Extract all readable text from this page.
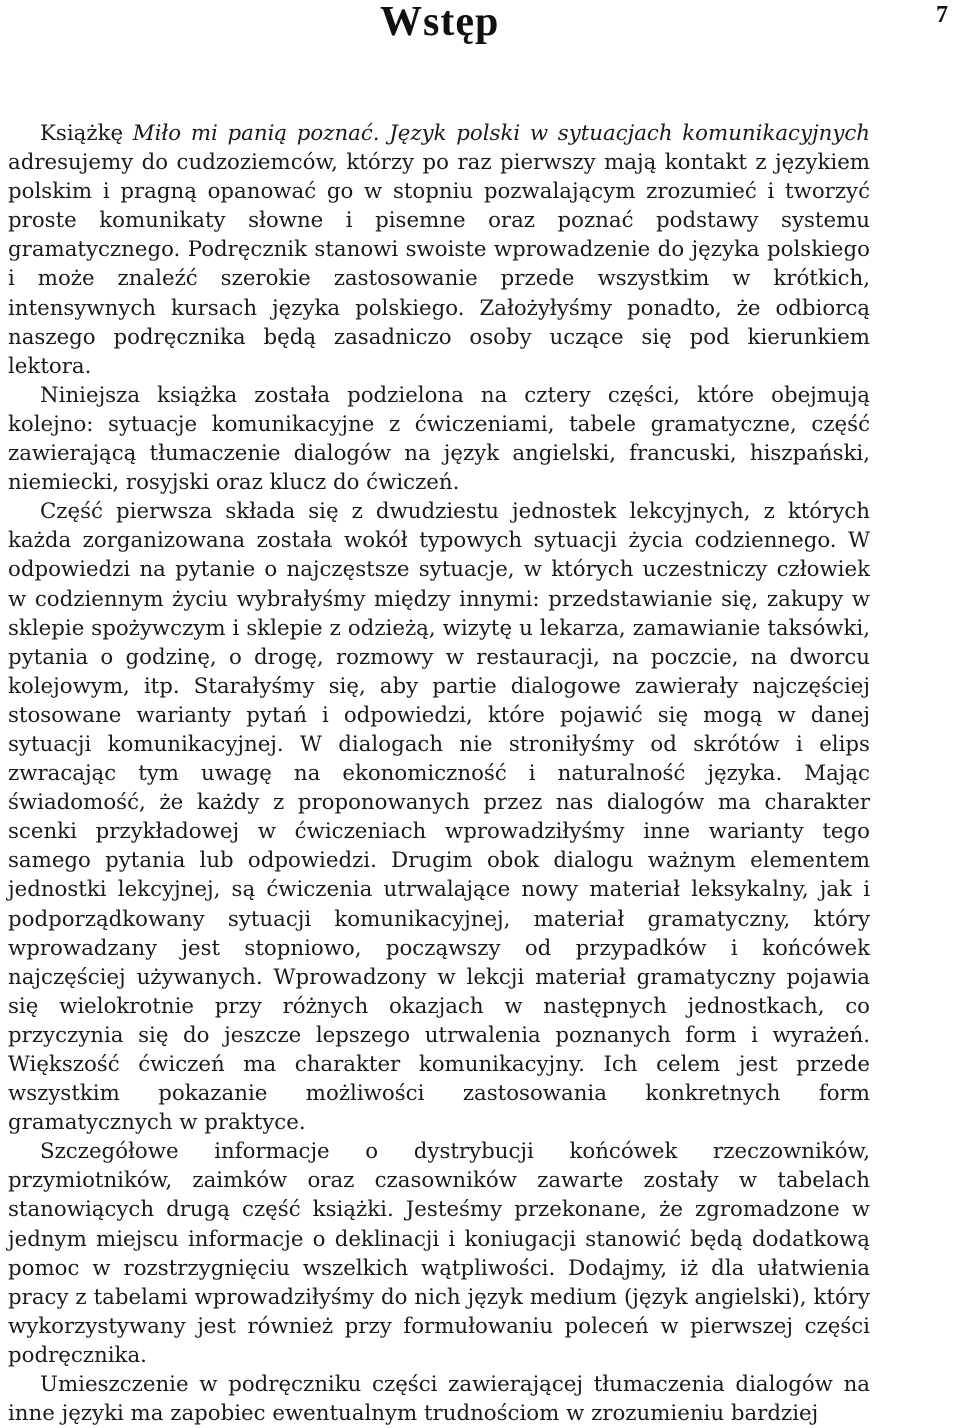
Wstęp	7

Książkę Miło mi panią poznać. Język polski w sytuacjach komunikacyjnych adresujemy do cudzoziemców, którzy po raz pierwszy mają kontakt z językiem polskim i pragną opanować go w stopniu pozwalającym zrozumieć i tworzyć proste komunikaty słowne i pisemne oraz poznać podstawy systemu gramatycznego. Podręcznik stanowi swoiste wprowadzenie do języka polskiego i może znaleźć szerokie zastosowanie przede wszystkim w krótkich, intensywnych kursach języka polskiego. Założyłyśmy ponadto, że odbiorcą naszego podręcznika będą zasadniczo osoby uczące się pod kierunkiem lektora.

Niniejsza książka została podzielona na cztery części, które obejmują kolejno: sytuacje komunikacyjne z ćwiczeniami, tabele gramatyczne, część zawierającą tłumaczenie dialogów na język angielski, francuski, hiszpański, niemiecki, rosyjski oraz klucz do ćwiczeń.

Część pierwsza składa się z dwudziestu jednostek lekcyjnych, z których każda zorganizowana została wokół typowych sytuacji życia codziennego. W odpowiedzi na pytanie o najczęstsze sytuacje, w których uczestniczy człowiek w codziennym życiu wybrałyśmy między innymi: przedstawianie się, zakupy w sklepie spożywczym i sklepie z odzieżą, wizytę u lekarza, zamawianie taksówki, pytania o godzinę, o drogę, rozmowy w restauracji, na poczcie, na dworcu kolejowym, itp. Starałyśmy się, aby partie dialogowe zawierały najczęściej stosowane warianty pytań i odpowiedzi, które pojawić się mogą w danej sytuacji komunikacyjnej. W dialogach nie stroniłyśmy od skrótów i elips zwracając tym uwagę na ekonomiczność i naturalność języka. Mając świadomość, że każdy z proponowanych przez nas dialogów ma charakter scenki przykładowej w ćwiczeniach wprowadziłyśmy inne warianty tego samego pytania lub odpowiedzi. Drugim obok dialogu ważnym elementem jednostki lekcyjnej, są ćwiczenia utrwalające nowy materiał leksykalny, jak i podporządkowany sytuacji komunikacyjnej, materiał gramatyczny, który wprowadzany jest stopniowo, począwszy od przypadków i końcówek najczęściej używanych. Wprowadzony w lekcji materiał gramatyczny pojawia się wielokrotnie przy różnych okazjach w następnych jednostkach, co przyczynia się do jeszcze lepszego utrwalenia poznanych form i wyrażeń. Większość ćwiczeń ma charakter komunikacyjny. Ich celem jest przede wszystkim pokazanie możliwości zastosowania konkretnych form gramatycznych w praktyce.

Szczegółowe informacje o dystrybucji końcówek rzeczowników, przymiotników, zaimków oraz czasowników zawarte zostały w tabelach stanowiących drugą część książki. Jesteśmy przekonane, że zgromadzone w jednym miejscu informacje o deklinacji i koniugacji stanowić będą dodatkową pomoc w rozstrzygnięciu wszelkich wątpliwości. Dodajmy, iż dla ułatwienia pracy z tabelami wprowadziłyśmy do nich język medium (język angielski), który wykorzystywany jest również przy formułowaniu poleceń w pierwszej części podręcznika.

Umieszczenie w podręczniku części zawierającej tłumaczenia dialogów na inne języki ma zapobiec ewentualnym trudnościom w zrozumieniu bardziej
